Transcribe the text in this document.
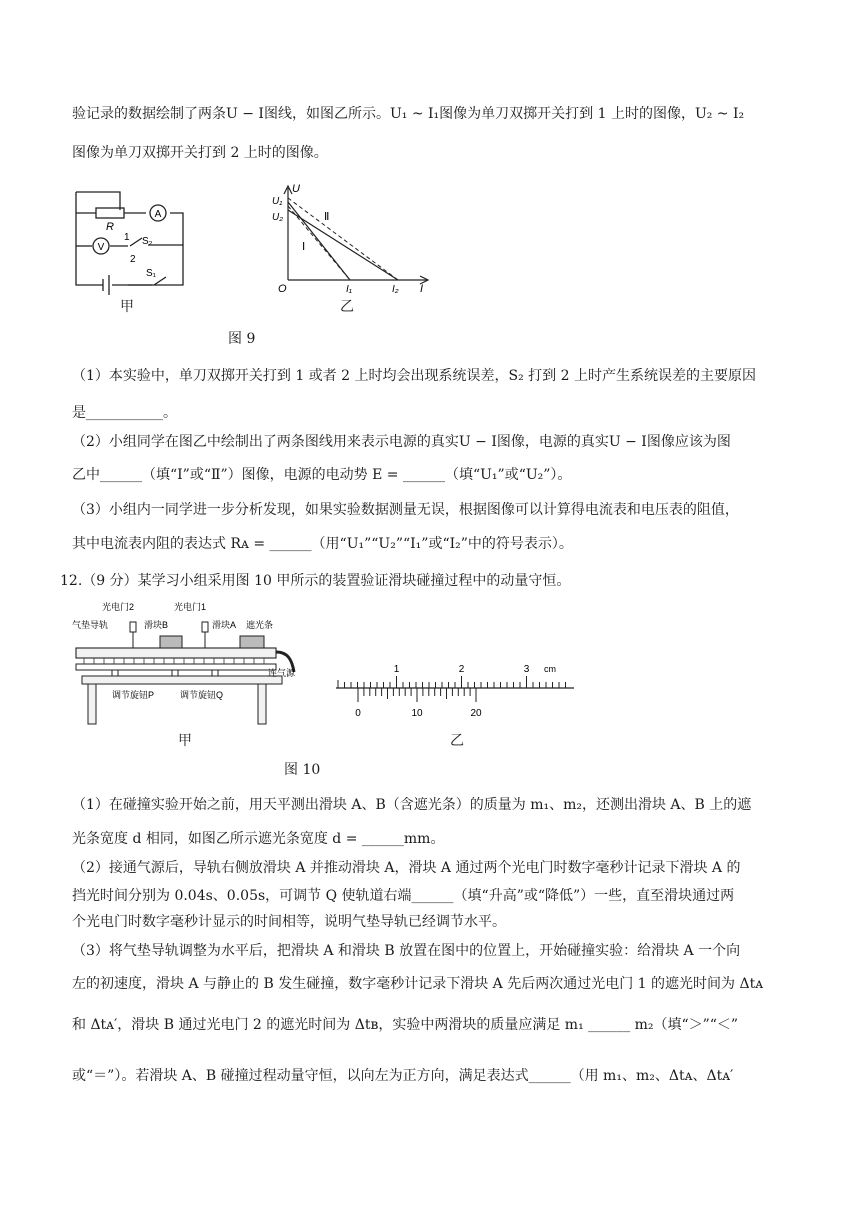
验记录的数据绘制了两条U − I图线，如图乙所示。U₁ ~ I₁图像为单刀双掷开关打到 1 上时的图像，U₂ ~ I₂
图像为单刀双掷开关打到 2 上时的图像。
A
V
R
1
2
S₂
S₁
甲
U
U₁
U₂
O	I₁	I₂ I
Ⅰ
Ⅱ
乙
图 9
（1）本实验中，单刀双掷开关打到 1 或者 2 上时均会出现系统误差，S₂ 打到 2 上时产生系统误差的主要原因
是___________。
（2）小组同学在图乙中绘制出了两条图线用来表示电源的真实U − I图像，电源的真实U − I图像应该为图
乙中______（填“Ⅰ”或“Ⅱ”）图像，电源的电动势 E = ______（填“U₁”或“U₂”）。
（3）小组内一同学进一步分析发现，如果实验数据测量无误，根据图像可以计算得电流表和电压表的阻值，
其中电流表内阻的表达式 Rᴀ = ______（用“U₁”“U₂”“I₁”或“I₂”中的符号表示）。
12.（9 分）某学习小组采用图 10 甲所示的装置验证滑块碰撞过程中的动量守恒。
光电门2	光电门1
滑块B	滑块A 遮光条
气垫导轨
连气源
调节旋钮P	调节旋钮Q
甲
1	2	3 cm
0	10	20
乙
图 10
（1）在碰撞实验开始之前，用天平测出滑块 A、B（含遮光条）的质量为 m₁、m₂，还测出滑块 A、B 上的遮
光条宽度 d 相同，如图乙所示遮光条宽度 d = ______mm。
（2）接通气源后，导轨右侧放滑块 A 并推动滑块 A，滑块 A 通过两个光电门时数字毫秒计记录下滑块 A 的
挡光时间分别为 0.04s、0.05s，可调节 Q 使轨道右端______（填“升高”或“降低”）一些，直至滑块通过两
个光电门时数字毫秒计显示的时间相等，说明气垫导轨已经调节水平。
（3）将气垫导轨调整为水平后，把滑块 A 和滑块 B 放置在图中的位置上，开始碰撞实验：给滑块 A 一个向
左的初速度，滑块 A 与静止的 B 发生碰撞，数字毫秒计记录下滑块 A 先后两次通过光电门 1 的遮光时间为 Δtᴀ
和 Δtᴀ′，滑块 B 通过光电门 2 的遮光时间为 Δtʙ，实验中两滑块的质量应满足 m₁ ______ m₂（填“＞”“＜”
或“＝”）。若滑块 A、B 碰撞过程动量守恒，以向左为正方向，满足表达式______（用 m₁、m₂、Δtᴀ、Δtᴀ′
